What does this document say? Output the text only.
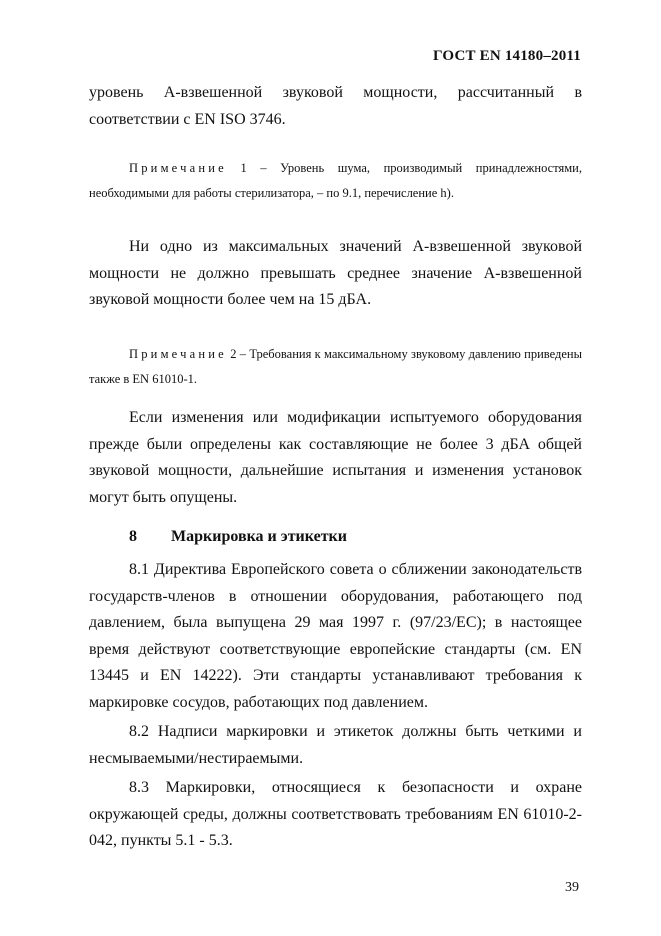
ГОСТ EN 14180–2011

уровень А-взвешенной звуковой мощности, рассчитанный в соответствии с EN ISO 3746.

Примечание 1 – Уровень шума, производимый принадлежностями, необходимыми для работы стерилизатора, – по 9.1, перечисление h).

Ни одно из максимальных значений А-взвешенной звуковой мощности не должно превышать среднее значение А-взвешенной звуковой мощности более чем на 15 дБА.

Примечание 2 – Требования к максимальному звуковому давлению приведены также в EN 61010-1.

Если изменения или модификации испытуемого оборудования прежде были определены как составляющие не более 3 дБА общей звуковой мощности, дальнейшие испытания и изменения установок могут быть опущены.

8 Маркировка и этикетки

8.1 Директива Европейского совета о сближении законодательств государств-членов в отношении оборудования, работающего под давлением, была выпущена 29 мая 1997 г. (97/23/ЕС); в настоящее время действуют соответствующие европейские стандарты (см. EN 13445 и EN 14222). Эти стандарты устанавливают требования к маркировке сосудов, работающих под давлением.

8.2 Надписи маркировки и этикеток должны быть четкими и несмываемыми/нестираемыми.

8.3 Маркировки, относящиеся к безопасности и охране окружающей среды, должны соответствовать требованиям EN 61010-2-042, пункты 5.1 - 5.3.

39
